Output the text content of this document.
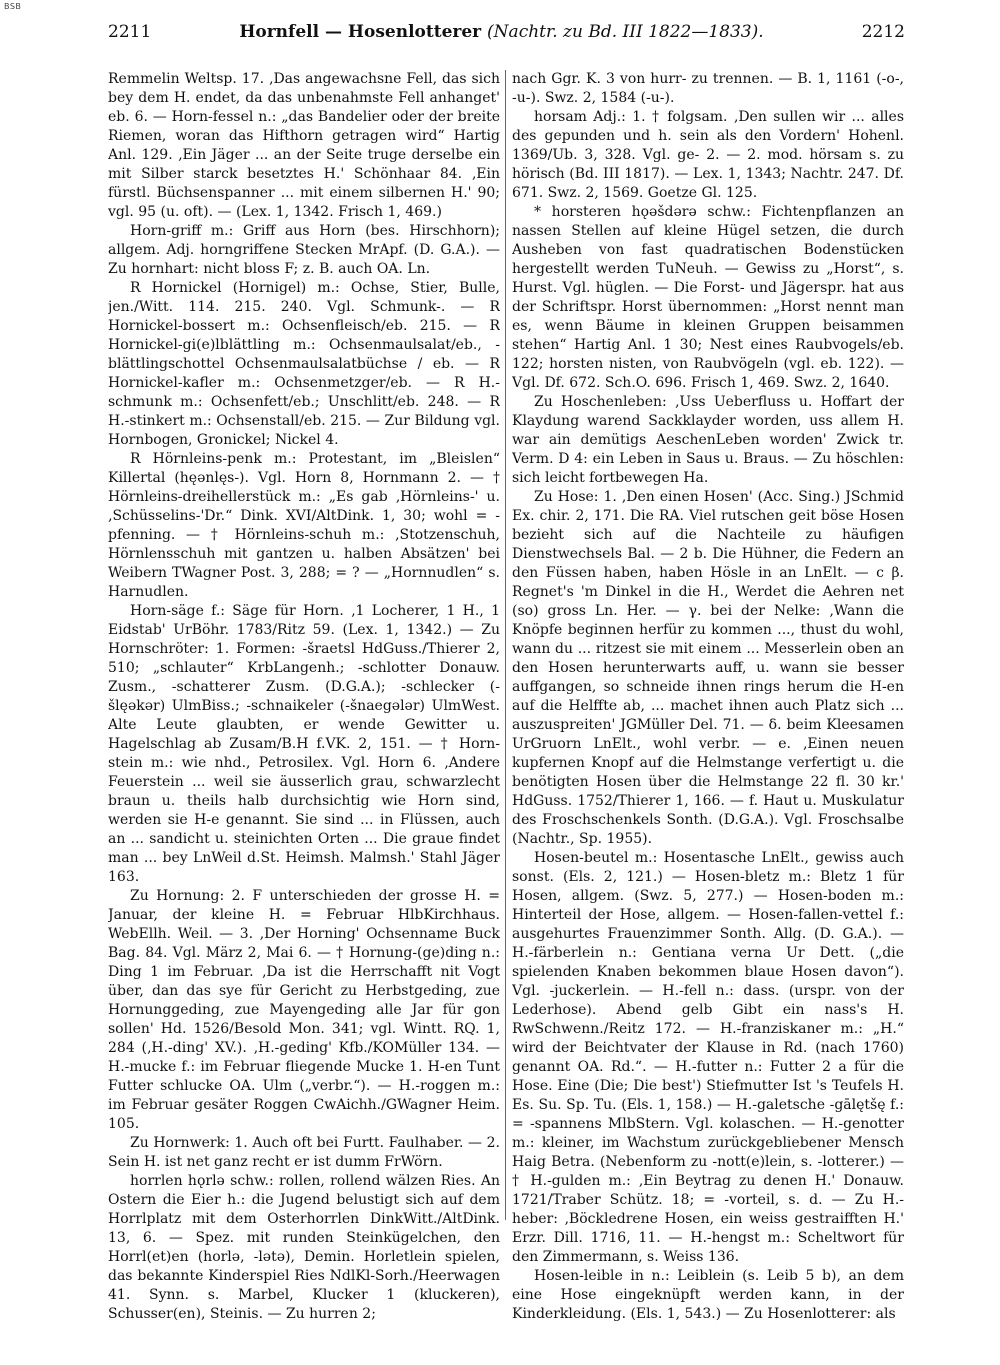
BSB
2211	Hornfell — Hosenlotterer (Nachtr. zu Bd. III 1822—1833).	2212

Remmelin Weltsp. 17. ‚Das angewachsne Fell, das sich bey dem H. endet, da das unbenahmste Fell anhanget' eb. 6. — Horn-fessel n.: „das Bandelier oder der breite Riemen, woran das Hifthorn getragen wird“ Hartig Anl. 129. ‚Ein Jäger ... an der Seite truge derselbe ein mit Silber starck besetztes H.' Schönhaar 84. ‚Ein fürstl. Büchsenspanner ... mit einem silbernen H.' 90; vgl. 95 (u. oft). — (Lex. 1, 1342. Frisch 1, 469.)

Horn-griff m.: Griff aus Horn (bes. Hirschhorn); allgem. Adj. horngriffene Stecken MrApf. (D. G.A.). — Zu hornhart: nicht bloss F; z. B. auch OA. Ln.

R Hornickel (Hornigel) m.: Ochse, Stier, Bulle, jen./Witt. 114. 215. 240. Vgl. Schmunk-. — R Hornickel-bossert m.: Ochsenfleisch/eb. 215. — R Hornickel-gi(e)lblättling m.: Ochsenmaulsalat/eb., -blättlingschottel Ochsenmaulsalatbüchse / eb. — R Hornickel-kafler m.: Ochsenmetzger/eb. — R H.-schmunk m.: Ochsenfett/eb.; Unschlitt/eb. 248. — R H.-stinkert m.: Ochsenstall/eb. 215. — Zur Bildung vgl. Hornbogen, Gronickel; Nickel 4.

R Hörnleins-penk m.: Protestant, im „Bleislen“ Killertal (hęənlęs-). Vgl. Horn 8, Hornmann 2. — † Hörnleins-dreihellerstück m.: „Es gab ‚Hörnleins-' u. ‚Schüsselins-'Dr.“ Dink. XVI/AltDink. 1, 30; wohl = -pfenning. — † Hörnleins-schuh m.: ‚Stotzenschuh, Hörnlensschuh mit gantzen u. halben Absätzen' bei Weibern TWagner Post. 3, 288; = ? — „Hornnudlen“ s. Harnudlen.

Horn-säge f.: Säge für Horn. ‚1 Locherer, 1 H., 1 Eidstab' UrBöhr. 1783/Ritz 59. (Lex. 1, 1342.) — Zu Hornschröter: 1. Formen: -šraetsl HdGuss./Thierer 2, 510; „schlauter“ KrbLangenh.; -schlotter Donauw. Zusm., -schatterer Zusm. (D.G.A.); -schlecker (-šlęəkər) UlmBiss.; -schnaikeler (-šnaegələr) UlmWest. Alte Leute glaubten, er wende Gewitter u. Hagelschlag ab Zusam/B.H f.VK. 2, 151. — † Horn-stein m.: wie nhd., Petrosilex. Vgl. Horn 6. ‚Andere Feuerstein ... weil sie äusserlich grau, schwarzlecht braun u. theils halb durchsichtig wie Horn sind, werden sie H-e genannt. Sie sind ... in Flüssen, auch an ... sandicht u. steinichten Orten ... Die graue findet man ... bey LnWeil d.St. Heimsh. Malmsh.' Stahl Jäger 163.

Zu Hornung: 2. F unterschieden der grosse H. = Januar, der kleine H. = Februar HlbKirchhaus. WebEllh. Weil. — 3. ‚Der Horning' Ochsenname Buck Bag. 84. Vgl. März 2, Mai 6. — † Hornung-(ge)ding n.: Ding 1 im Februar. ‚Da ist die Herrschafft nit Vogt über, dan das sye für Gericht zu Herbstgeding, zue Hornunggeding, zue Mayengeding alle Jar für gon sollen' Hd. 1526/Besold Mon. 341; vgl. Wintt. RQ. 1, 284 (‚H.-ding' XV.). ‚H.-geding' Kfb./KOMüller 134. — H.-mucke f.: im Februar fliegende Mucke 1. H-en Tunt Futter schlucke OA. Ulm („verbr.“). — H.-roggen m.: im Februar gesäter Roggen CwAichh./GWagner Heim. 105.

Zu Hornwerk: 1. Auch oft bei Furtt. Faulhaber. — 2. Sein H. ist net ganz recht er ist dumm FrWörn.

horrlen hǫrlə schw.: rollen, rollend wälzen Ries. An Ostern die Eier h.: die Jugend belustigt sich auf dem Horrlplatz mit dem Osterhorrlen DinkWitt./AltDink. 13, 6. — Spez. mit runden Steinkügelchen, den Horrl(et)en (horlə, -lətə), Demin. Horletlein spielen, das bekannte Kinderspiel Ries NdlKl-Sorh./Heerwagen 41. Synn. s. Marbel, Klucker 1 (kluckeren), Schusser(en), Steinis. — Zu hurren 2;

nach Ggr. K. 3 von hurr- zu trennen. — B. 1, 1161 (-o-, -u-). Swz. 2, 1584 (-u-).

horsam Adj.: 1. † folgsam. ‚Den sullen wir ... alles des gepunden und h. sein als den Vordern' Hohenl. 1369/Ub. 3, 328. Vgl. ge- 2. — 2. mod. hörsam s. zu hörisch (Bd. III 1817). — Lex. 1, 1343; Nachtr. 247. Df. 671. Swz. 2, 1569. Goetze Gl. 125.

* horsteren hǫəšdərə schw.: Fichtenpflanzen an nassen Stellen auf kleine Hügel setzen, die durch Ausheben von fast quadratischen Bodenstücken hergestellt werden TuNeuh. — Gewiss zu „Horst“, s. Hurst. Vgl. hüglen. — Die Forst- und Jägerspr. hat aus der Schriftspr. Horst übernommen: „Horst nennt man es, wenn Bäume in kleinen Gruppen beisammen stehen“ Hartig Anl. 1 30; Nest eines Raubvogels/eb. 122; horsten nisten, von Raubvögeln (vgl. eb. 122). — Vgl. Df. 672. Sch.O. 696. Frisch 1, 469. Swz. 2, 1640.

Zu Hoschenleben: ‚Uss Ueberfluss u. Hoffart der Klaydung warend Sackklayder worden, uss allem H. war ain demütigs AeschenLeben worden' Zwick tr. Verm. D 4: ein Leben in Saus u. Braus. — Zu höschlen: sich leicht fortbewegen Ha.

Zu Hose: 1. ‚Den einen Hosen' (Acc. Sing.) JSchmid Ex. chir. 2, 171. Die RA. Viel rutschen geit böse Hosen bezieht sich auf die Nachteile zu häufigen Dienstwechsels Bal. — 2 b. Die Hühner, die Federn an den Füssen haben, haben Hösle in an LnElt. — c β. Regnet's 'm Dinkel in die H., Werdet die Aehren net (so) gross Ln. Her. — γ. bei der Nelke: ‚Wann die Knöpfe beginnen herfür zu kommen ..., thust du wohl, wann du ... ritzest sie mit einem ... Messerlein oben an den Hosen herunterwarts auff, u. wann sie besser auffgangen, so schneide ihnen rings herum die H-en auf die Helffte ab, ... machet ihnen auch Platz sich ... auszuspreiten' JGMüller Del. 71. — δ. beim Kleesamen UrGruorn LnElt., wohl verbr. — e. ‚Einen neuen kupfernen Knopf auf die Helmstange verfertigt u. die benötigten Hosen über die Helmstange 22 fl. 30 kr.' HdGuss. 1752/Thierer 1, 166. — f. Haut u. Muskulatur des Froschschenkels Sonth. (D.G.A.). Vgl. Froschsalbe (Nachtr., Sp. 1955).

Hosen-beutel m.: Hosentasche LnElt., gewiss auch sonst. (Els. 2, 121.) — Hosen-bletz m.: Bletz 1 für Hosen, allgem. (Swz. 5, 277.) — Hosen-boden m.: Hinterteil der Hose, allgem. — Hosen-fallen-vettel f.: ausgehurtes Frauenzimmer Sonth. Allg. (D. G.A.). — H.-färberlein n.: Gentiana verna Ur Dett. („die spielenden Knaben bekommen blaue Hosen davon“). Vgl. -juckerlein. — H.-fell n.: dass. (urspr. von der Lederhose). Abend gelb Gibt ein nass's H. RwSchwenn./Reitz 172. — H.-franziskaner m.: „H.“ wird der Beichtvater der Klause in Rd. (nach 1760) genannt OA. Rd.“. — H.-futter n.: Futter 2 a für die Hose. Eine (Die; Die best') Stiefmutter Ist 's Teufels H. Es. Su. Sp. Tu. (Els. 1, 158.) — H.-galetsche -gālętšę f.: = -spannens MlbStern. Vgl. kolaschen. — H.-genotter m.: kleiner, im Wachstum zurückgebliebener Mensch Haig Betra. (Nebenform zu -nott(e)lein, s. -lotterer.) — † H.-gulden m.: ‚Ein Beytrag zu denen H.' Donauw. 1721/Traber Schütz. 18; = -vorteil, s. d. — Zu H.-heber: ‚Böckledrene Hosen, ein weiss gestraifften H.' Erzr. Dill. 1716, 11. — H.-hengst m.: Scheltwort für den Zimmermann, s. Weiss 136.

Hosen-leible in n.: Leiblein (s. Leib 5 b), an dem eine Hose eingeknüpft werden kann, in der Kinderkleidung. (Els. 1, 543.) — Zu Hosenlotterer: als
